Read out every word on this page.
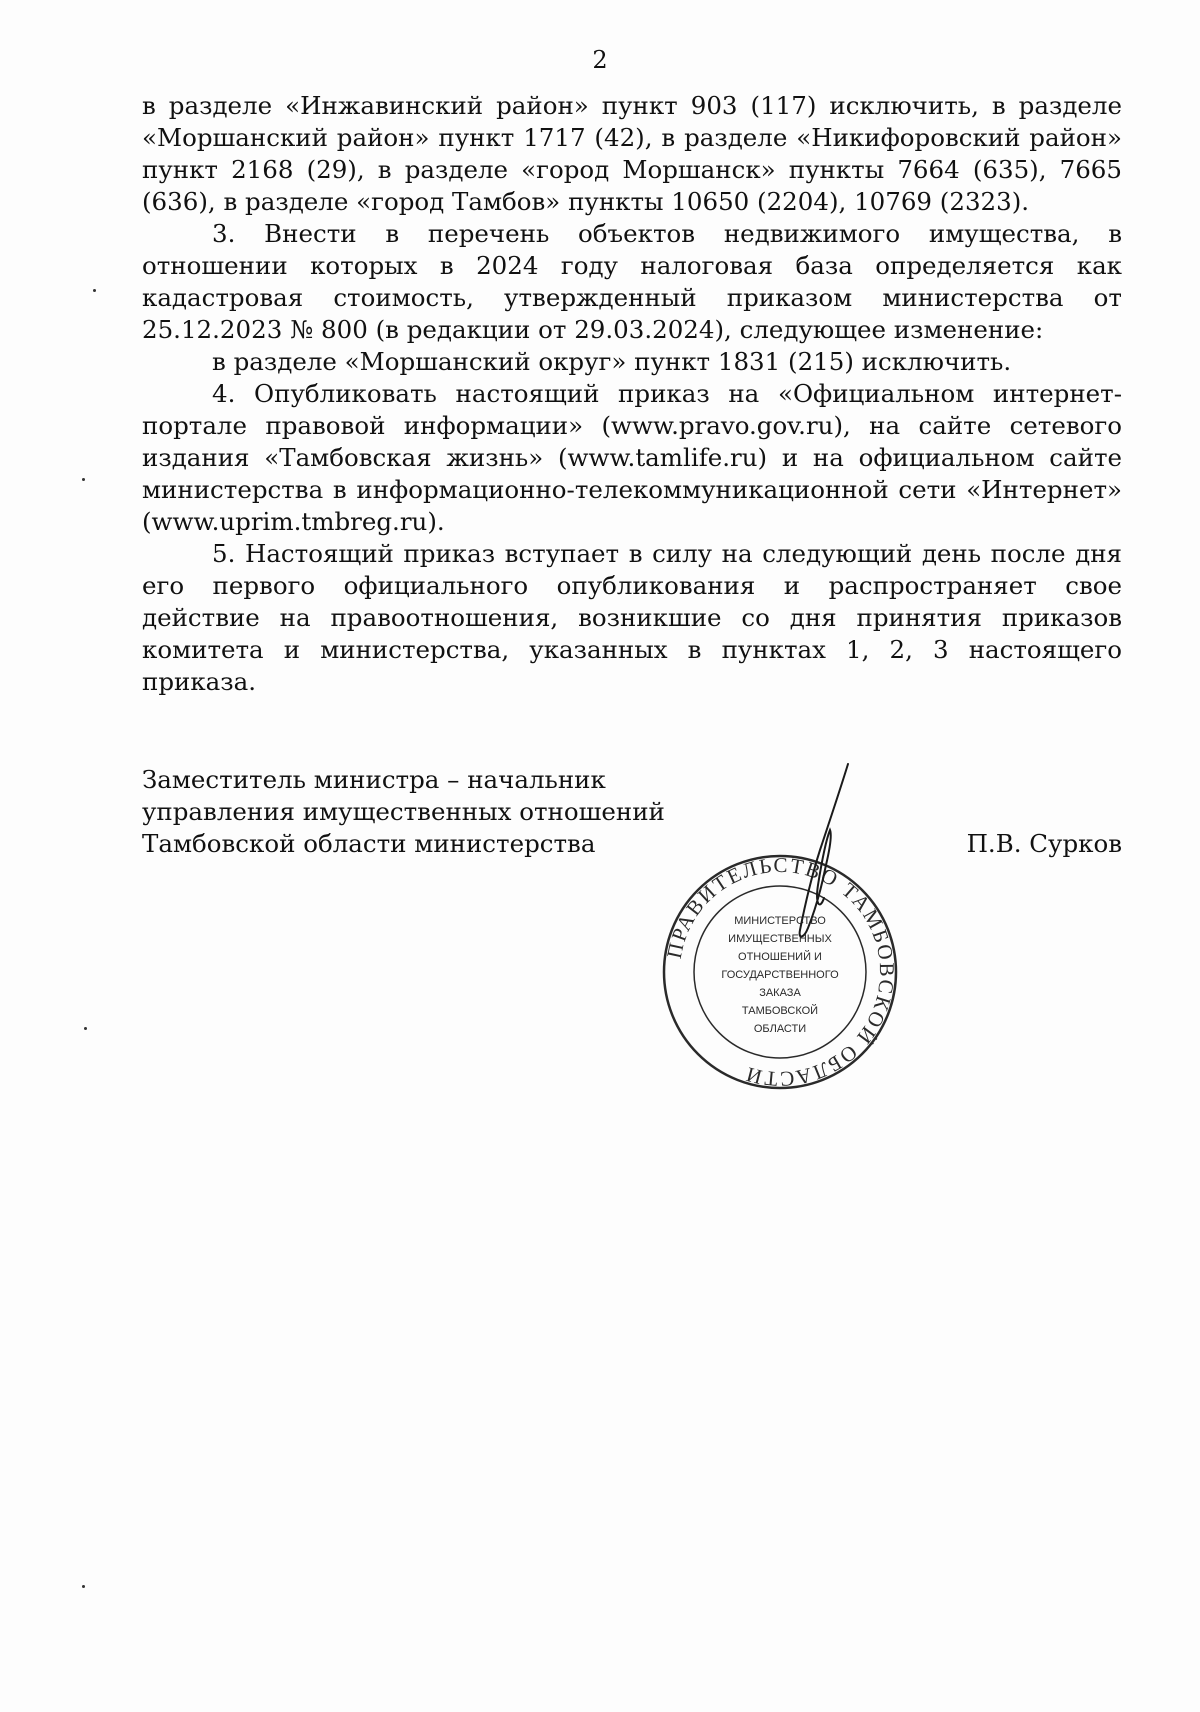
2

в разделе «Инжавинский район» пункт 903 (117) исключить, в разделе «Моршанский район» пункт 1717 (42), в разделе «Никифоровский район» пункт 2168 (29), в разделе «город Моршанск» пункты 7664 (635), 7665 (636), в разделе «город Тамбов» пункты 10650 (2204), 10769 (2323).

3. Внести в перечень объектов недвижимого имущества, в отношении которых в 2024 году налоговая база определяется как кадастровая стоимость, утвержденный приказом министерства от 25.12.2023 № 800 (в редакции от 29.03.2024), следующее изменение:

в разделе «Моршанский округ» пункт 1831 (215) исключить.

4. Опубликовать настоящий приказ на «Официальном интернет-портале правовой информации» (www.pravo.gov.ru), на сайте сетевого издания «Тамбовская жизнь» (www.tamlife.ru) и на официальном сайте министерства в информационно-телекоммуникационной сети «Интернет»

(www.uprim.tmbreg.ru).

5. Настоящий приказ вступает в силу на следующий день после дня его первого официального опубликования и распространяет свое действие на правоотношения, возникшие со дня принятия приказов комитета и министерства, указанных в пунктах 1, 2, 3 настоящего приказа.

Заместитель министра – начальник
управления имущественных отношений
Тамбовской области министерства	П.В. Сурков
ПРАВИТЕЛЬСТВО ТАМБОВСКОЙ ОБЛАСТИ
МИНИСТЕРСТВО
ИМУЩЕСТВЕННЫХ
ОТНОШЕНИЙ И
ГОСУДАРСТВЕННОГО
ЗАКАЗА
ТАМБОВСКОЙ
ОБЛАСТИ
